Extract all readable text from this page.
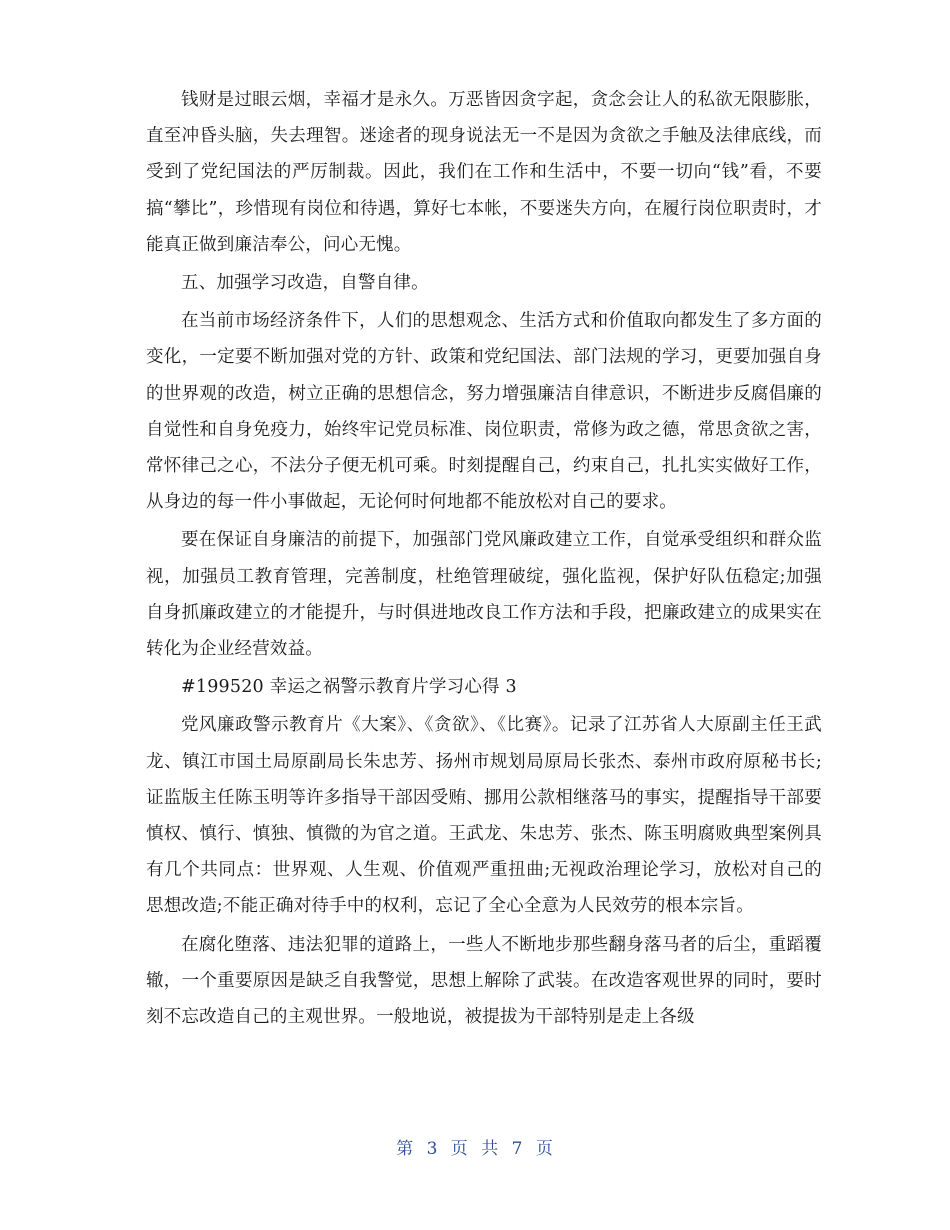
钱财是过眼云烟，幸福才是永久。万恶皆因贪字起，贪念会让人的私欲无限膨胀，直至冲昏头脑，失去理智。迷途者的现身说法无一不是因为贪欲之手触及法律底线，而受到了党纪国法的严厉制裁。因此，我们在工作和生活中，不要一切向“钱”看，不要搞“攀比”，珍惜现有岗位和待遇，算好七本帐，不要迷失方向，在履行岗位职责时，才能真正做到廉洁奉公，问心无愧。

五、加强学习改造，自警自律。

在当前市场经济条件下，人们的思想观念、生活方式和价值取向都发生了多方面的变化，一定要不断加强对党的方针、政策和党纪国法、部门法规的学习，更要加强自身的世界观的改造，树立正确的思想信念，努力增强廉洁自律意识，不断进步反腐倡廉的自觉性和自身免疫力，始终牢记党员标准、岗位职责，常修为政之德，常思贪欲之害，常怀律己之心，不法分子便无机可乘。时刻提醒自己，约束自己，扎扎实实做好工作，从身边的每一件小事做起，无论何时何地都不能放松对自己的要求。

要在保证自身廉洁的前提下，加强部门党风廉政建立工作，自觉承受组织和群众监视，加强员工教育管理，完善制度，杜绝管理破绽，强化监视，保护好队伍稳定;加强自身抓廉政建立的才能提升，与时俱进地改良工作方法和手段，把廉政建立的成果实在转化为企业经营效益。

#199520 幸运之祸警示教育片学习心得 3

党风廉政警示教育片《大案》、《贪欲》、《比赛》。记录了江苏省人大原副主任王武龙、镇江市国土局原副局长朱忠芳、扬州市规划局原局长张杰、泰州市政府原秘书长;证监版主任陈玉明等许多指导干部因受贿、挪用公款相继落马的事实，提醒指导干部要慎权、慎行、慎独、慎微的为官之道。王武龙、朱忠芳、张杰、陈玉明腐败典型案例具有几个共同点：世界观、人生观、价值观严重扭曲;无视政治理论学习，放松对自己的思想改造;不能正确对待手中的权利，忘记了全心全意为人民效劳的根本宗旨。

在腐化堕落、违法犯罪的道路上，一些人不断地步那些翻身落马者的后尘，重蹈覆辙，一个重要原因是缺乏自我警觉，思想上解除了武装。在改造客观世界的同时，要时刻不忘改造自己的主观世界。一般地说，被提拔为干部特别是走上各级

第 3 页 共 7 页
